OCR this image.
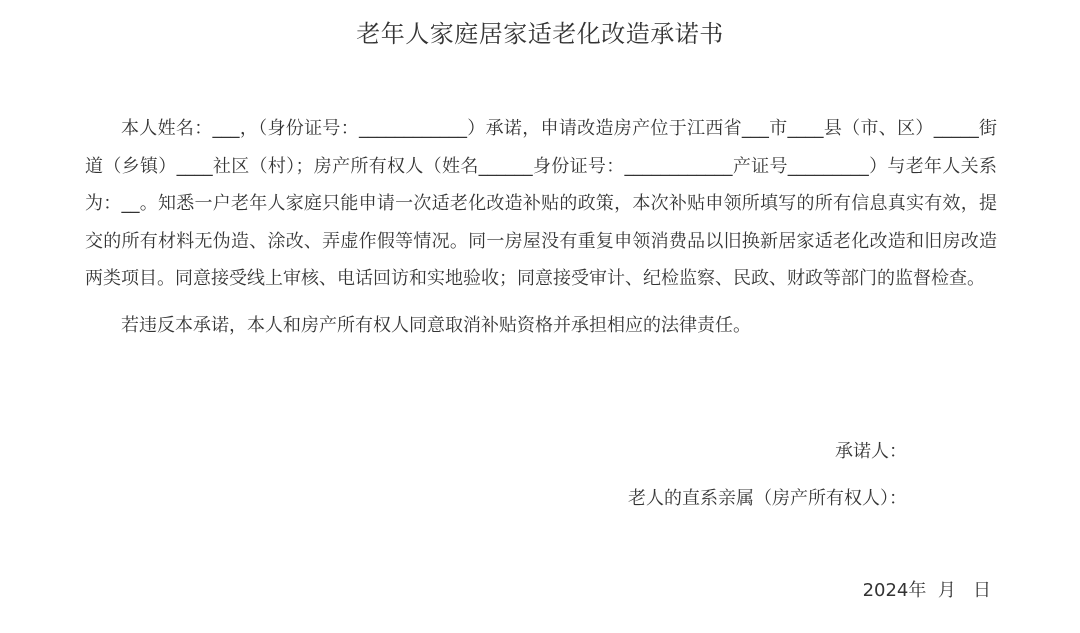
老年人家庭居家适老化改造承诺书

本人姓名：___，（身份证号：____________）承诺，申请改造房产位于江西省___市____县（市、区）_____街道（乡镇）____社区（村）；房产所有权人（姓名______身份证号：____________产证号_________）与老年人关系为：__。知悉一户老年人家庭只能申请一次适老化改造补贴的政策，本次补贴申领所填写的所有信息真实有效，提交的所有材料无伪造、涂改、弄虚作假等情况。同一房屋没有重复申领消费品以旧换新居家适老化改造和旧房改造两类项目。同意接受线上审核、电话回访和实地验收；同意接受审计、纪检监察、民政、财政等部门的监督检查。

若违反本承诺，本人和房产所有权人同意取消补贴资格并承担相应的法律责任。

承诺人：
老人的直系亲属（房产所有权人）：
2024年  月   日
